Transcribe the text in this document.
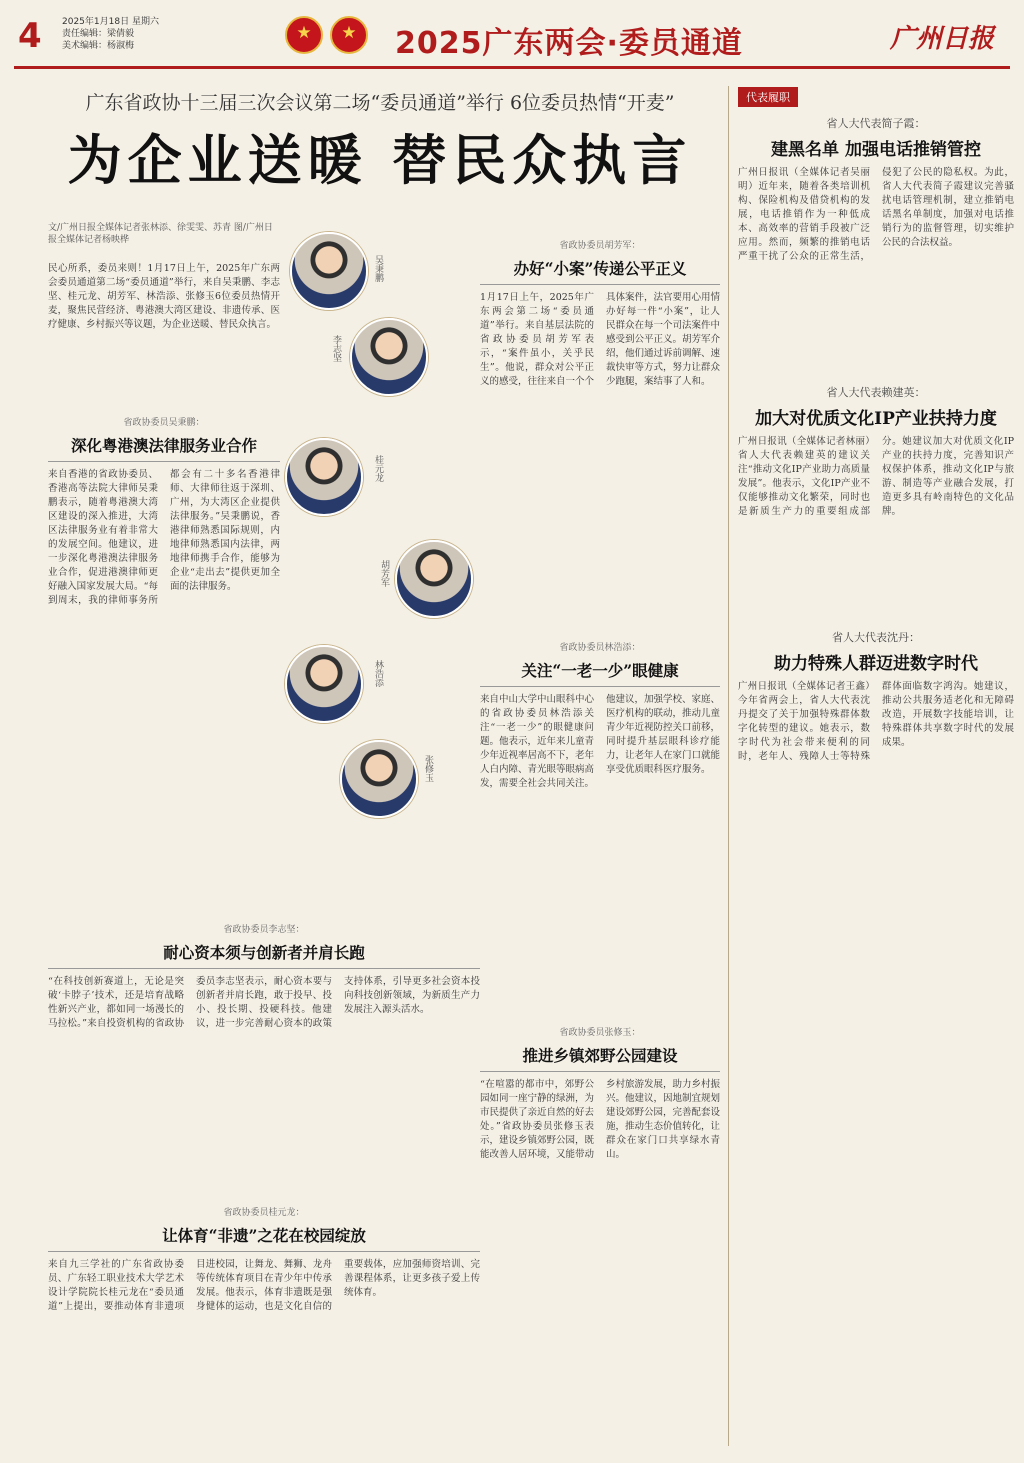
4 2025年1月18日 星期六
责任编辑：梁倩毅
美术编辑：杨淑梅 ★ ★	2025广东两会·委员通道	广州日报
广东省政协十三届三次会议第二场“委员通道”举行 6位委员热情“开麦”
为企业送暖 替民众执言
文/广州日报全媒体记者张林添、徐雯雯、苏青 图/广州日报全媒体记者杨映桦
民心所系，委员来则！1月17日上午，2025年广东两会委员通道第二场“委员通道”举行，来自吴秉鹏、李志坚、桂元龙、胡芳军、林浩添、张修玉6位委员热情开麦，聚焦民营经济、粤港澳大湾区建设、非遗传承、医疗健康、乡村振兴等议题，为企业送暖、替民众执言。
吴秉鹏
李志坚
桂元龙
胡芳军
林浩添
张修玉
省政协委员吴秉鹏：
深化粤港澳法律服务业合作
来自香港的省政协委员、香港高等法院大律师吴秉鹏表示，随着粤港澳大湾区建设的深入推进，大湾区法律服务业有着非常大的发展空间。他建议，进一步深化粤港澳法律服务业合作，促进港澳律师更好融入国家发展大局。“每到周末，我的律师事务所都会有二十多名香港律师、大律师往返于深圳、广州，为大湾区企业提供法律服务。”吴秉鹏说，香港律师熟悉国际规则，内地律师熟悉国内法律，两地律师携手合作，能够为企业“走出去”提供更加全面的法律服务。
省政协委员胡芳军：
办好“小案”传递公平正义
1月17日上午，2025年广东两会第二场“委员通道”举行。来自基层法院的省政协委员胡芳军表示，“案件虽小，关乎民生”。他说，群众对公平正义的感受，往往来自一个个具体案件，法官要用心用情办好每一件“小案”，让人民群众在每一个司法案件中感受到公平正义。胡芳军介绍，他们通过诉前调解、速裁快审等方式，努力让群众少跑腿，案结事了人和。
省政协委员李志坚：
耐心资本须与创新者并肩长跑
“在科技创新赛道上，无论是突破‘卡脖子’技术，还是培育战略性新兴产业，都如同一场漫长的马拉松。”来自投资机构的省政协委员李志坚表示，耐心资本要与创新者并肩长跑，敢于投早、投小、投长期、投硬科技。他建议，进一步完善耐心资本的政策支持体系，引导更多社会资本投向科技创新领域，为新质生产力发展注入源头活水。
省政协委员林浩添：
关注“一老一少”眼健康
来自中山大学中山眼科中心的省政协委员林浩添关注“一老一少”的眼健康问题。他表示，近年来儿童青少年近视率居高不下，老年人白内障、青光眼等眼病高发，需要全社会共同关注。他建议，加强学校、家庭、医疗机构的联动，推动儿童青少年近视防控关口前移，同时提升基层眼科诊疗能力，让老年人在家门口就能享受优质眼科医疗服务。
省政协委员桂元龙：
让体育“非遗”之花在校园绽放
来自九三学社的广东省政协委员、广东轻工职业技术大学艺术设计学院院长桂元龙在“委员通道”上提出，要推动体育非遗项目进校园，让舞龙、舞狮、龙舟等传统体育项目在青少年中传承发展。他表示，体育非遗既是强身健体的运动，也是文化自信的重要载体，应加强师资培训、完善课程体系，让更多孩子爱上传统体育。
省政协委员张修玉：
推进乡镇郊野公园建设
“在喧嚣的都市中，郊野公园如同一座宁静的绿洲，为市民提供了亲近自然的好去处。”省政协委员张修玉表示，建设乡镇郊野公园，既能改善人居环境，又能带动乡村旅游发展，助力乡村振兴。他建议，因地制宜规划建设郊野公园，完善配套设施，推动生态价值转化，让群众在家门口共享绿水青山。
代表履职
省人大代表简子霞：
建黑名单 加强电话推销管控
广州日报讯（全媒体记者吴丽明）近年来，随着各类培训机构、保险机构及借贷机构的发展，电话推销作为一种低成本、高效率的营销手段被广泛应用。然而，频繁的推销电话严重干扰了公众的正常生活，侵犯了公民的隐私权。为此，省人大代表简子霞建议完善骚扰电话管理机制，建立推销电话黑名单制度，加强对电话推销行为的监督管理，切实维护公民的合法权益。
省人大代表赖建英：
加大对优质文化IP产业扶持力度
广州日报讯（全媒体记者林丽）省人大代表赖建英的建议关注“推动文化IP产业助力高质量发展”。他表示，文化IP产业不仅能够推动文化繁荣，同时也是新质生产力的重要组成部分。她建议加大对优质文化IP产业的扶持力度，完善知识产权保护体系，推动文化IP与旅游、制造等产业融合发展，打造更多具有岭南特色的文化品牌。
省人大代表沈丹：
助力特殊人群迈进数字时代
广州日报讯（全媒体记者王鑫）今年省两会上，省人大代表沈丹提交了关于加强特殊群体数字化转型的建议。她表示，数字时代为社会带来便利的同时，老年人、残障人士等特殊群体面临数字鸿沟。她建议，推动公共服务适老化和无障碍改造，开展数字技能培训，让特殊群体共享数字时代的发展成果。
